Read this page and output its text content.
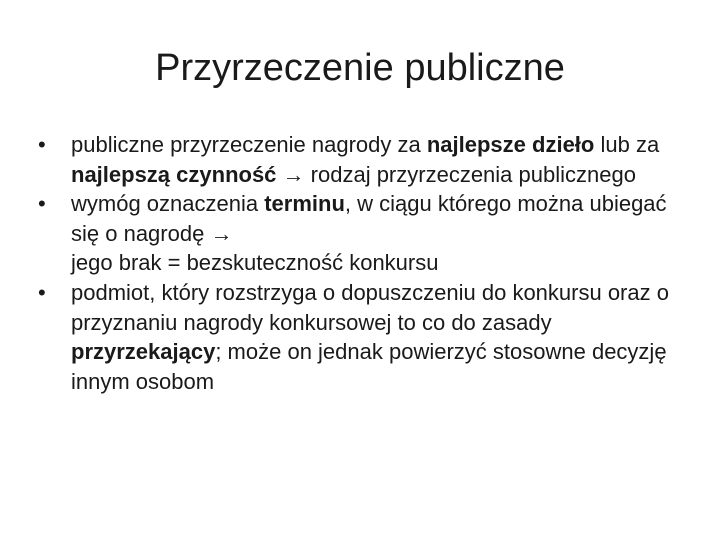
Przyrzeczenie publiczne
• publiczne przyrzeczenie nagrody za najlepsze dzieło lub za najlepszą czynność → rodzaj przyrzeczenia publicznego
• wymóg oznaczenia terminu, w ciągu którego można ubiegać się o nagrodę →
jego brak = bezskuteczność konkursu
• podmiot, który rozstrzyga o dopuszczeniu do konkursu oraz o przyznaniu nagrody konkursowej to co do zasady przyrzekający; może on jednak powierzyć stosowne decyzję innym osobom
